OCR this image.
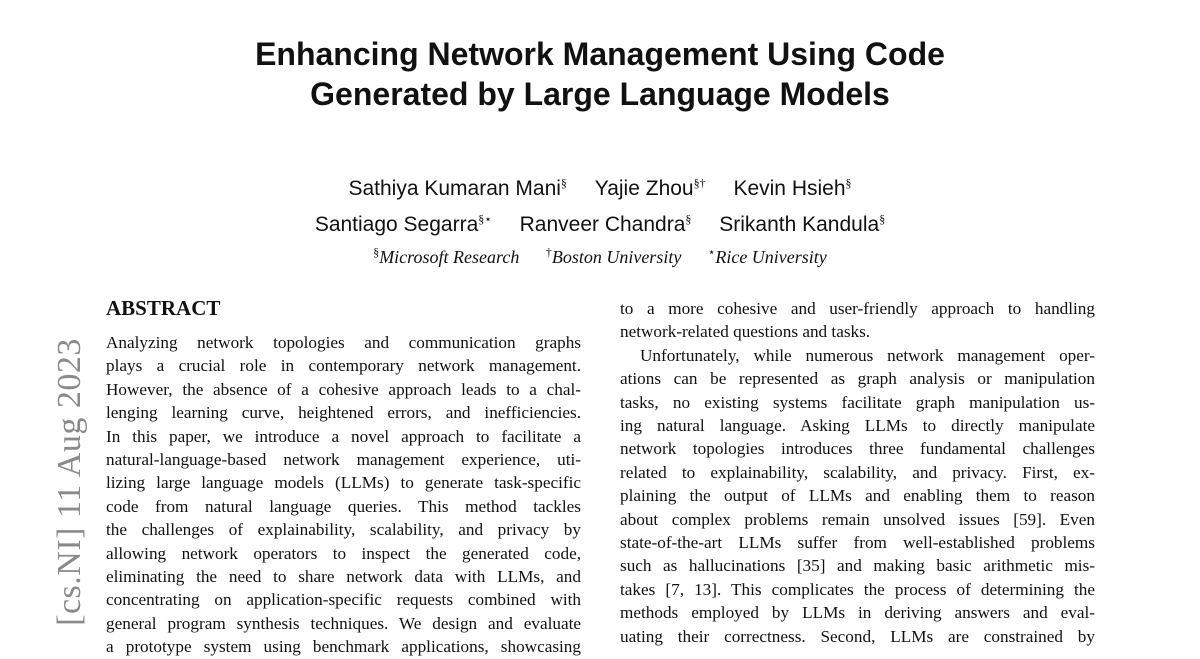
[cs.NI] 11 Aug 2023
Enhancing Network Management Using Code
Generated by Large Language Models
Sathiya Kumaran Mani§ Yajie Zhou§† Kevin Hsieh§
Santiago Segarra§⋆ Ranveer Chandra§ Srikanth Kandula§
§Microsoft Research †Boston University ⋆Rice University
ABSTRACT

Analyzing network topologies and communication graphs
plays a crucial role in contemporary network management.
However, the absence of a cohesive approach leads to a chal-
lenging learning curve, heightened errors, and inefficiencies.
In this paper, we introduce a novel approach to facilitate a
natural-language-based network management experience, uti-
lizing large language models (LLMs) to generate task-specific
code from natural language queries. This method tackles
the challenges of explainability, scalability, and privacy by
allowing network operators to inspect the generated code,
eliminating the need to share network data with LLMs, and
concentrating on application-specific requests combined with
general program synthesis techniques. We design and evaluate
a prototype system using benchmark applications, showcasing

to a more cohesive and user-friendly approach to handling
network-related questions and tasks.

Unfortunately, while numerous network management oper-
ations can be represented as graph analysis or manipulation
tasks, no existing systems facilitate graph manipulation us-
ing natural language. Asking LLMs to directly manipulate
network topologies introduces three fundamental challenges
related to explainability, scalability, and privacy. First, ex-
plaining the output of LLMs and enabling them to reason
about complex problems remain unsolved issues [59]. Even
state-of-the-art LLMs suffer from well-established problems
such as hallucinations [35] and making basic arithmetic mis-
takes [7, 13]. This complicates the process of determining the
methods employed by LLMs in deriving answers and eval-
uating their correctness. Second, LLMs are constrained by
